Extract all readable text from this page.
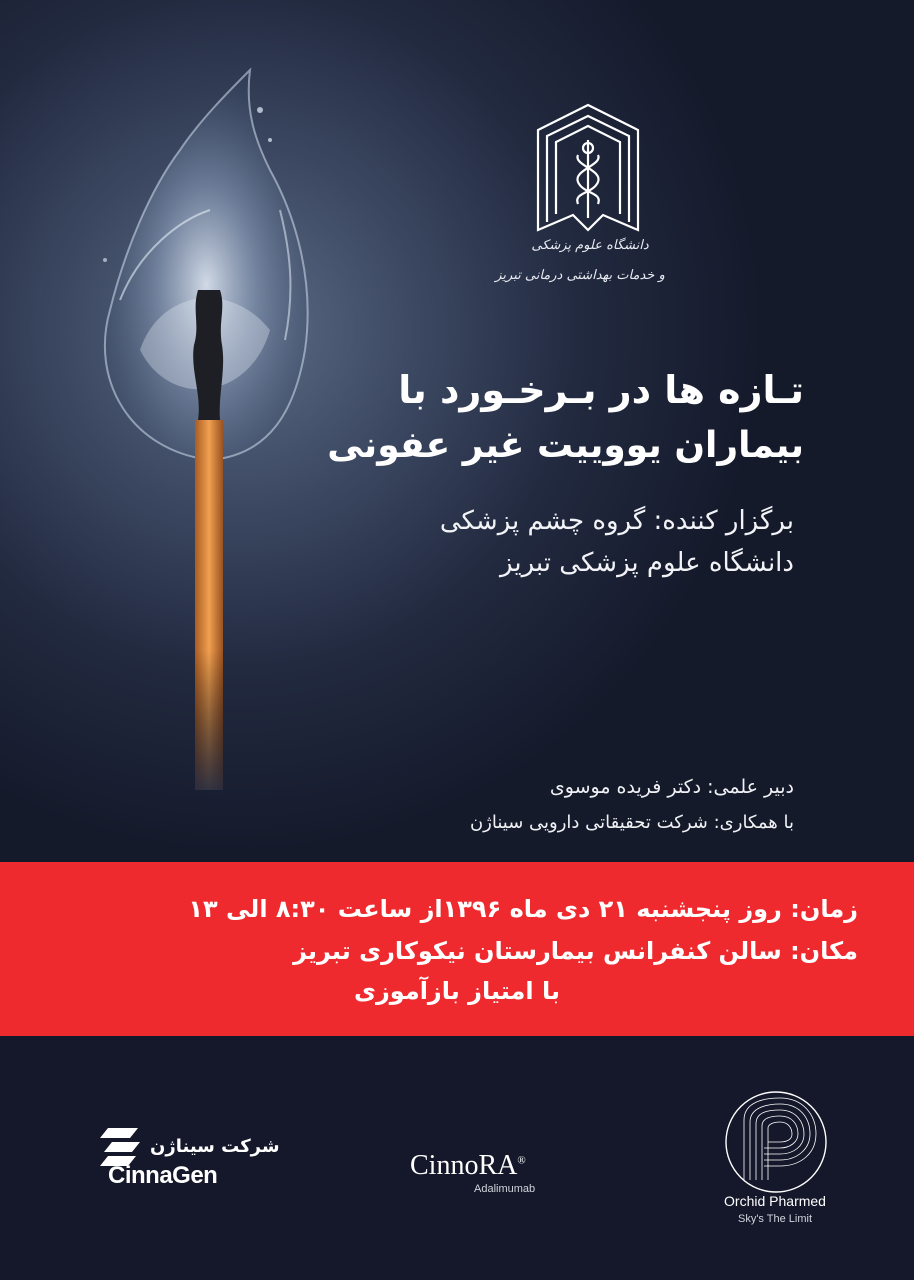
دانشگاه علوم پزشکی
و خدمات بهداشتی درمانی تبریز
تـازه ها در بـرخـورد با
بیماران یووییت غیر عفونی
برگزار کننده: گروه چشم پزشکی
دانشگاه علوم پزشکی تبریز
دبیر علمی: دکتر فریده موسوی
با همکاری: شرکت تحقیقاتی دارویی سیناژن
زمان: روز پنجشنبه ۲۱ دی ماه ۱۳۹۶از ساعت ۸:۳۰ الی ۱۳
مکان: سالن کنفرانس بیمارستان نیکوکاری تبریز
با امتیاز بازآموزی
شرکت سیناژن
CinnaGen	CinnoRA®
Adalimumab
Orchid Pharmed
Sky's The Limit
